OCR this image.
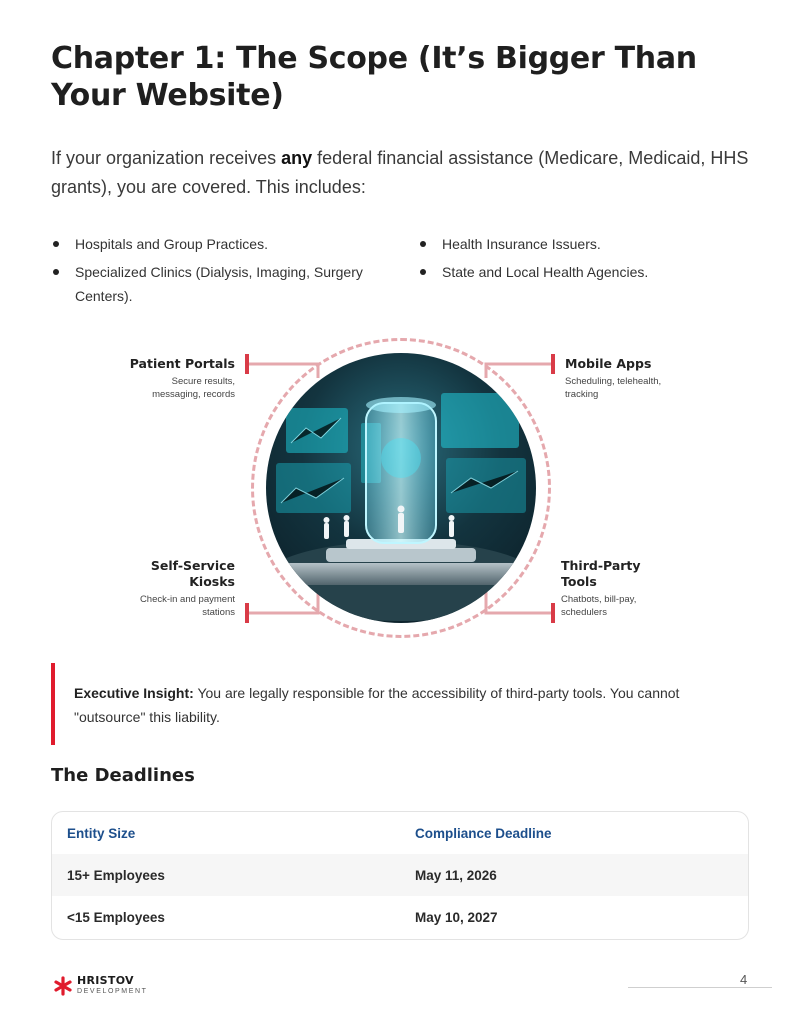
Chapter 1: The Scope (It’s Bigger Than Your Website)

If your organization receives any federal financial assistance (Medicare, Medicaid, HHS grants), you are covered. This includes:

Hospitals and Group Practices.
Specialized Clinics (Dialysis, Imaging, Surgery Centers).
Health Insurance Issuers.
State and Local Health Agencies.
Patient Portals
Secure results, messaging, records
Mobile Apps
Scheduling, telehealth, tracking
Self-Service Kiosks
Check-in and payment stations
Third-Party Tools
Chatbots, bill-pay, schedulers

Executive Insight: You are legally responsible for the accessibility of third-party tools. You cannot "outsource" this liability.

The Deadlines
Entity Size	Compliance Deadline
15+ Employees	May 11, 2026
<15 Employees	May 10, 2027
HRISTOV
DEVELOPMENT
4
